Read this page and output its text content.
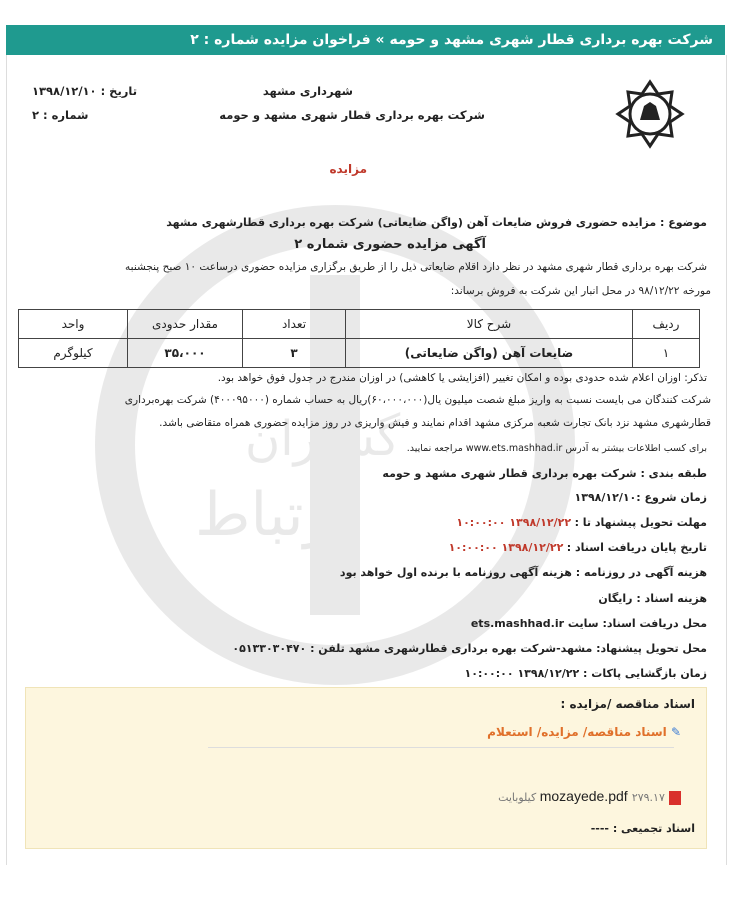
شرکت بهره برداری قطار شهری مشهد و حومه » فراخوان مزایده شماره : ۲
گستران
ارتباط
شهرداری مشهد
شرکت بهره برداری قطار شهری مشهد و حومه
تاریخ : ۱۳۹۸/۱۲/۱۰
شماره : ۲
مزایده
موضوع : مزایده حضوری فروش ضایعات آهن (واگن ضایعاتی) شرکت بهره برداری قطارشهری مشهد
آگهی مزایده حضوری شماره ۲
شرکت بهره برداری قطار شهری مشهد در نظر دارد اقلام ضایعاتی ذیل را از طریق برگزاری مزایده حضوری درساعت ۱۰ صبح پنجشنبه
مورخه ۹۸/۱۲/۲۲ در محل انبار این شرکت به فروش برساند:
ردیف	شرح کالا	تعداد	مقدار حدودی	واحد
۱	ضایعات آهن (واگن ضایعاتی)	۳	۳۵،۰۰۰	کیلوگرم
تذکر: اوزان اعلام شده حدودی بوده و امکان تغییر (افزایشی یا کاهشی) در اوزان مندرج در جدول فوق خواهد بود.
شرکت کنندگان می بایست نسبت به واریز مبلغ شصت میلیون یال(۶۰،۰۰۰،۰۰۰)ریال به حساب شماره (۴۰۰۰۹۵۰۰۰) شرکت بهره‌برداری
قطارشهری مشهد نزد بانک تجارت شعبه مرکزی مشهد اقدام نمایند و فیش واریزی در روز مزایده حضوری همراه متقاضی باشد.
برای کسب اطلاعات بیشتر به آدرس www.ets.mashhad.ir مراجعه نمایید.
طبقه بندی : شرکت بهره برداری قطار شهری مشهد و حومه
زمان شروع :۱۳۹۸/۱۲/۱۰
مهلت تحویل پیشنهاد تا : ۱۳۹۸/۱۲/۲۲ ۱۰:۰۰:۰۰
تاریخ پایان دریافت اسناد : ۱۳۹۸/۱۲/۲۲ ۱۰:۰۰:۰۰
هزینه آگهی در روزنامه : هزینه آگهی روزنامه با برنده اول خواهد بود
هزینه اسناد : رایگان
محل دریافت اسناد: سایت ets.mashhad.ir
محل تحویل پیشنهاد: مشهد-شرکت بهره برداری قطارشهری مشهد تلفن : ۰۵۱۳۳۰۳۰۴۷۰
زمان بازگشایی پاکات : ۱۳۹۸/۱۲/۲۲ ۱۰:۰۰:۰۰
اسناد مناقصه /مزایده :
✎ اسناد مناقصه/ مزایده/ استعلام
mozayede.pdf ۲۷۹.۱۷ کیلوبایت
اسناد تجمیعی : ----
